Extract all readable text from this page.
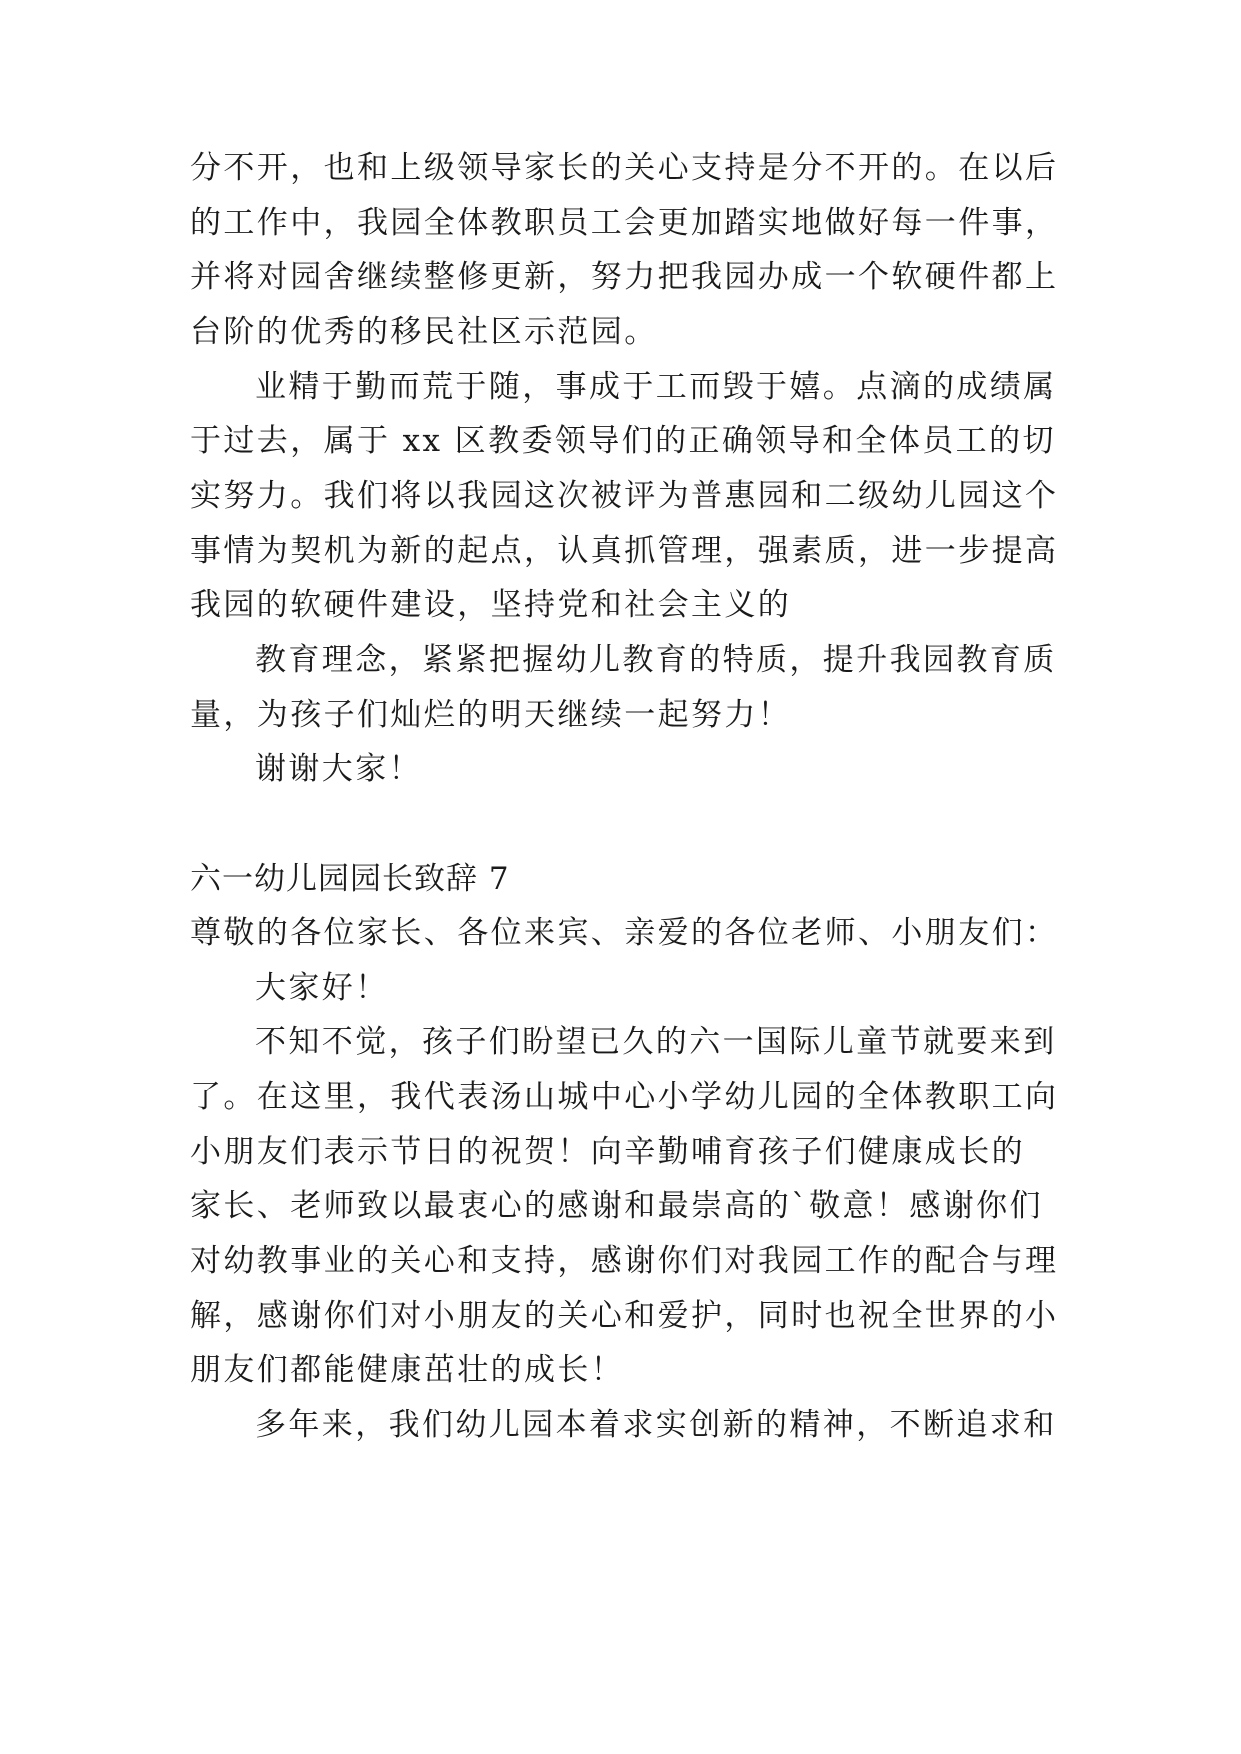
分不开，也和上级领导家长的关心支持是分不开的。在以后
的工作中，我园全体教职员工会更加踏实地做好每一件事，
并将对园舍继续整修更新，努力把我园办成一个软硬件都上
台阶的优秀的移民社区示范园。
业精于勤而荒于随，事成于工而毁于嬉。点滴的成绩属
于过去，属于 xx 区教委领导们的正确领导和全体员工的切
实努力。我们将以我园这次被评为普惠园和二级幼儿园这个
事情为契机为新的起点，认真抓管理，强素质，进一步提高
我园的软硬件建设，坚持党和社会主义的
教育理念，紧紧把握幼儿教育的特质，提升我园教育质
量，为孩子们灿烂的明天继续一起努力！
谢谢大家！
六一幼儿园园长致辞 7
尊敬的各位家长、各位来宾、亲爱的各位老师、小朋友们：
大家好！
不知不觉，孩子们盼望已久的六一国际儿童节就要来到
了。在这里，我代表汤山城中心小学幼儿园的全体教职工向
小朋友们表示节日的祝贺！向辛勤哺育孩子们健康成长的
家长、老师致以最衷心的感谢和最崇高的`敬意！感谢你们
对幼教事业的关心和支持，感谢你们对我园工作的配合与理
解，感谢你们对小朋友的关心和爱护，同时也祝全世界的小
朋友们都能健康茁壮的成长！
多年来，我们幼儿园本着求实创新的精神，不断追求和
